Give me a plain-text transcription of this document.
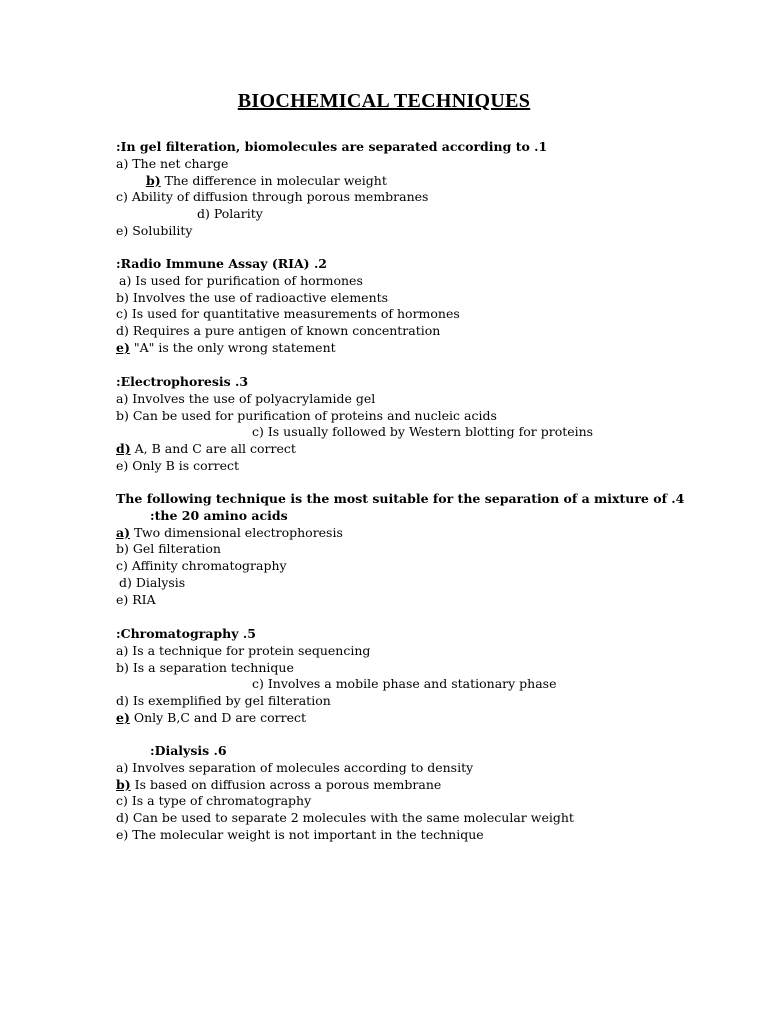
BIOCHEMICAL TECHNIQUES
:In gel filteration, biomolecules are separated according to .1
a) The net charge
b) The difference in molecular weight
c) Ability of diffusion through porous membranes
d) Polarity
e) Solubility
:Radio Immune Assay (RIA) .2
a) Is used for purification of hormones
b) Involves the use of radioactive elements
c) Is used for quantitative measurements of hormones
d) Requires a pure antigen of known concentration
e) "A" is the only wrong statement
:Electrophoresis .3
a) Involves the use of polyacrylamide gel
b) Can be used for purification of proteins and nucleic acids
c) Is usually followed by Western blotting for proteins
d) A, B and C are all correct
e) Only B is correct
The following technique is the most suitable for the separation of a mixture of .4
:the 20 amino acids
a) Two dimensional electrophoresis
b) Gel filteration
c) Affinity chromatography
d) Dialysis
e) RIA
:Chromatography .5
a) Is a technique for protein sequencing
b) Is a separation technique
c) Involves a mobile phase and stationary phase
d) Is exemplified by gel filteration
e) Only B,C and D are correct
:Dialysis .6
a) Involves separation of molecules according to density
b) Is based on diffusion across a porous membrane
c) Is a type of chromatography
d) Can be used to separate 2 molecules with the same molecular weight
e) The molecular weight is not important in the technique
